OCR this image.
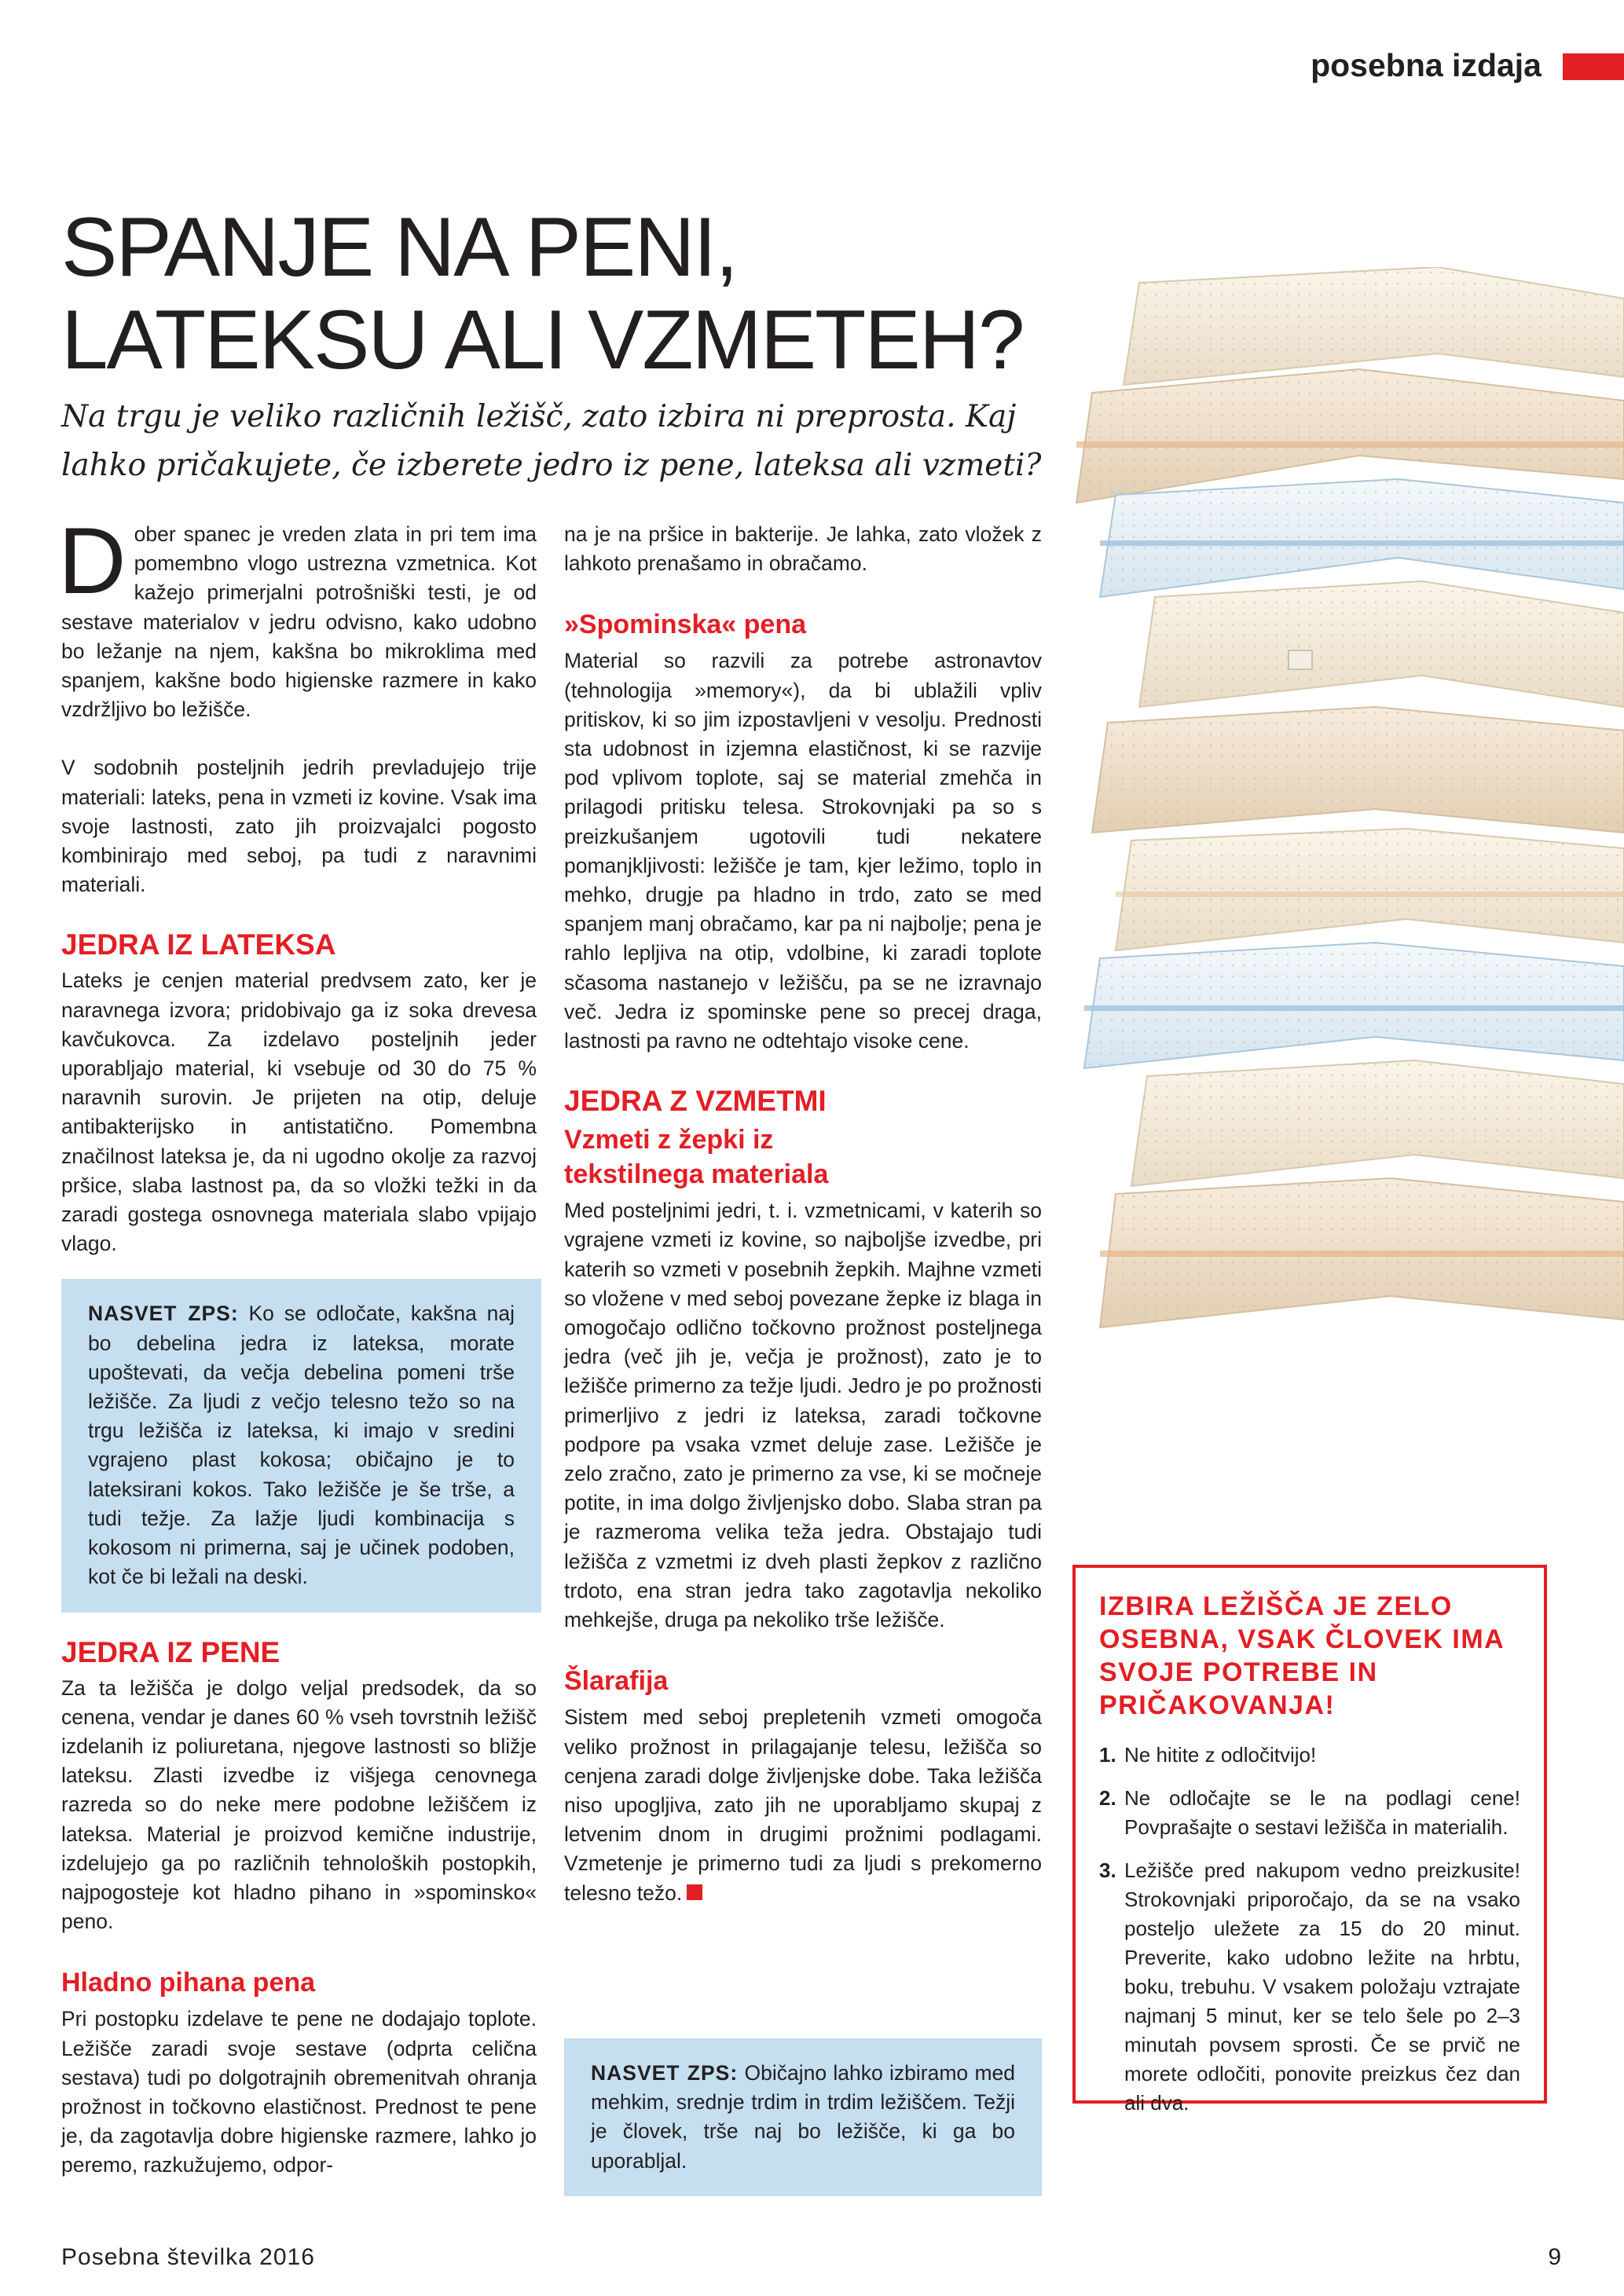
posebna izdaja
SPANJE NA PENI,
LATEKSU ALI VZMETEH?
Na trgu je veliko različnih ležišč, zato izbira ni preprosta. Kaj lahko pričakujete, če izberete jedro iz pene, lateksa ali vzmeti?

Dober spanec je vreden zlata in pri tem ima pomembno vlogo ustrezna vzmetnica. Kot kažejo primerjalni potrošniški testi, je od sestave materialov v jedru odvisno, kako udobno bo ležanje na njem, kakšna bo mikroklima med spanjem, kakšne bodo higienske razmere in kako vzdržljivo bo ležišče.

V sodobnih posteljnih jedrih prevladujejo trije materiali: lateks, pena in vzmeti iz kovine. Vsak ima svoje lastnosti, zato jih proizvajalci pogosto kombinirajo med seboj, pa tudi z naravnimi materiali.

JEDRA IZ LATEKSA

Lateks je cenjen material predvsem zato, ker je naravnega izvora; pridobivajo ga iz soka drevesa kavčukovca. Za izdelavo posteljnih jeder uporabljajo material, ki vsebuje od 30 do 75 % naravnih surovin. Je prijeten na otip, deluje antibakterijsko in antistatično. Pomembna značilnost lateksa je, da ni ugodno okolje za razvoj pršice, slaba lastnost pa, da so vložki težki in da zaradi gostega osnovnega materiala slabo vpijajo vlago.

NASVET ZPS: Ko se odločate, kakšna naj bo debelina jedra iz lateksa, morate upoštevati, da večja debelina pomeni trše ležišče. Za ljudi z večjo telesno težo so na trgu ležišča iz lateksa, ki imajo v sredini vgrajeno plast kokosa; običajno je to lateksirani kokos. Tako ležišče je še trše, a tudi težje. Za lažje ljudi kombinacija s kokosom ni primerna, saj je učinek podoben, kot če bi ležali na deski.
JEDRA IZ PENE

Za ta ležišča je dolgo veljal predsodek, da so cenena, vendar je danes 60 % vseh tovrstnih ležišč izdelanih iz poliuretana, njegove lastnosti so bližje lateksu. Zlasti izvedbe iz višjega cenovnega razreda so do neke mere podobne ležiščem iz lateksa. Material je proizvod kemične industrije, izdelujejo ga po različnih tehnoloških postopkih, najpogosteje kot hladno pihano in »spominsko« peno.

Hladno pihana pena

Pri postopku izdelave te pene ne dodajajo toplote. Ležišče zaradi svoje sestave (odprta celična sestava) tudi po dolgotrajnih obremenitvah ohranja prožnost in točkovno elastičnost. Prednost te pene je, da zagotavlja dobre higienske razmere, lahko jo peremo, razkužujemo, odpor-

na je na pršice in bakterije. Je lahka, zato vložek z lahkoto prenašamo in obračamo.

»Spominska« pena

Material so razvili za potrebe astronavtov (tehnologija »memory«), da bi ublažili vpliv pritiskov, ki so jim izpostavljeni v vesolju. Prednosti sta udobnost in izjemna elastičnost, ki se razvije pod vplivom toplote, saj se material zmehča in prilagodi pritisku telesa. Strokovnjaki pa so s preizkušanjem ugotovili tudi nekatere pomanjkljivosti: ležišče je tam, kjer ležimo, toplo in mehko, drugje pa hladno in trdo, zato se med spanjem manj obračamo, kar pa ni najbolje; pena je rahlo lepljiva na otip, vdolbine, ki zaradi toplote sčasoma nastanejo v ležišču, pa se ne izravnajo več. Jedra iz spominske pene so precej draga, lastnosti pa ravno ne odtehtajo visoke cene.

JEDRA Z VZMETMI
Vzmeti z žepki iz
tekstilnega materiala

Med posteljnimi jedri, t. i. vzmetnicami, v katerih so vgrajene vzmeti iz kovine, so najboljše izvedbe, pri katerih so vzmeti v posebnih žepkih. Majhne vzmeti so vložene v med seboj povezane žepke iz blaga in omogočajo odlično točkovno prožnost posteljnega jedra (več jih je, večja je prožnost), zato je to ležišče primerno za težje ljudi. Jedro je po prožnosti primerljivo z jedri iz lateksa, zaradi točkovne podpore pa vsaka vzmet deluje zase. Ležišče je zelo zračno, zato je primerno za vse, ki se močneje potite, in ima dolgo življenjsko dobo. Slaba stran pa je razmeroma velika teža jedra. Obstajajo tudi ležišča z vzmetmi iz dveh plasti žepkov z različno trdoto, ena stran jedra tako zagotavlja nekoliko mehkejše, druga pa nekoliko trše ležišče.

Šlarafija

Sistem med seboj prepletenih vzmeti omogoča veliko prožnost in prilagajanje telesu, ležišča so cenjena zaradi dolge življenjske dobe. Taka ležišča niso upogljiva, zato jih ne uporabljamo skupaj z letvenim dnom in drugimi prožnimi podlagami. Vzmetenje je primerno tudi za ljudi s prekomerno telesno težo.

NASVET ZPS: Običajno lahko izbiramo med mehkim, srednje trdim in trdim ležiščem. Težji je človek, trše naj bo ležišče, ki ga bo uporabljal.
IZBIRA LEŽIŠČA JE ZELO OSEBNA, VSAK ČLOVEK IMA SVOJE POTREBE IN PRIČAKOVANJA!
1. Ne hitite z odločitvijo!
2. Ne odločajte se le na podlagi cene! Povprašajte o sestavi ležišča in materialih.
3. Ležišče pred nakupom vedno preizkusite! Strokovnjaki priporočajo, da se na vsako posteljo uležete za 15 do 20 minut. Preverite, kako udobno ležite na hrbtu, boku, trebuhu. V vsakem položaju vztrajate najmanj 5 minut, ker se telo šele po 2–3 minutah povsem sprosti. Če se prvič ne morete odločiti, ponovite preizkus čez dan ali dva.
Posebna številka 2016	9
